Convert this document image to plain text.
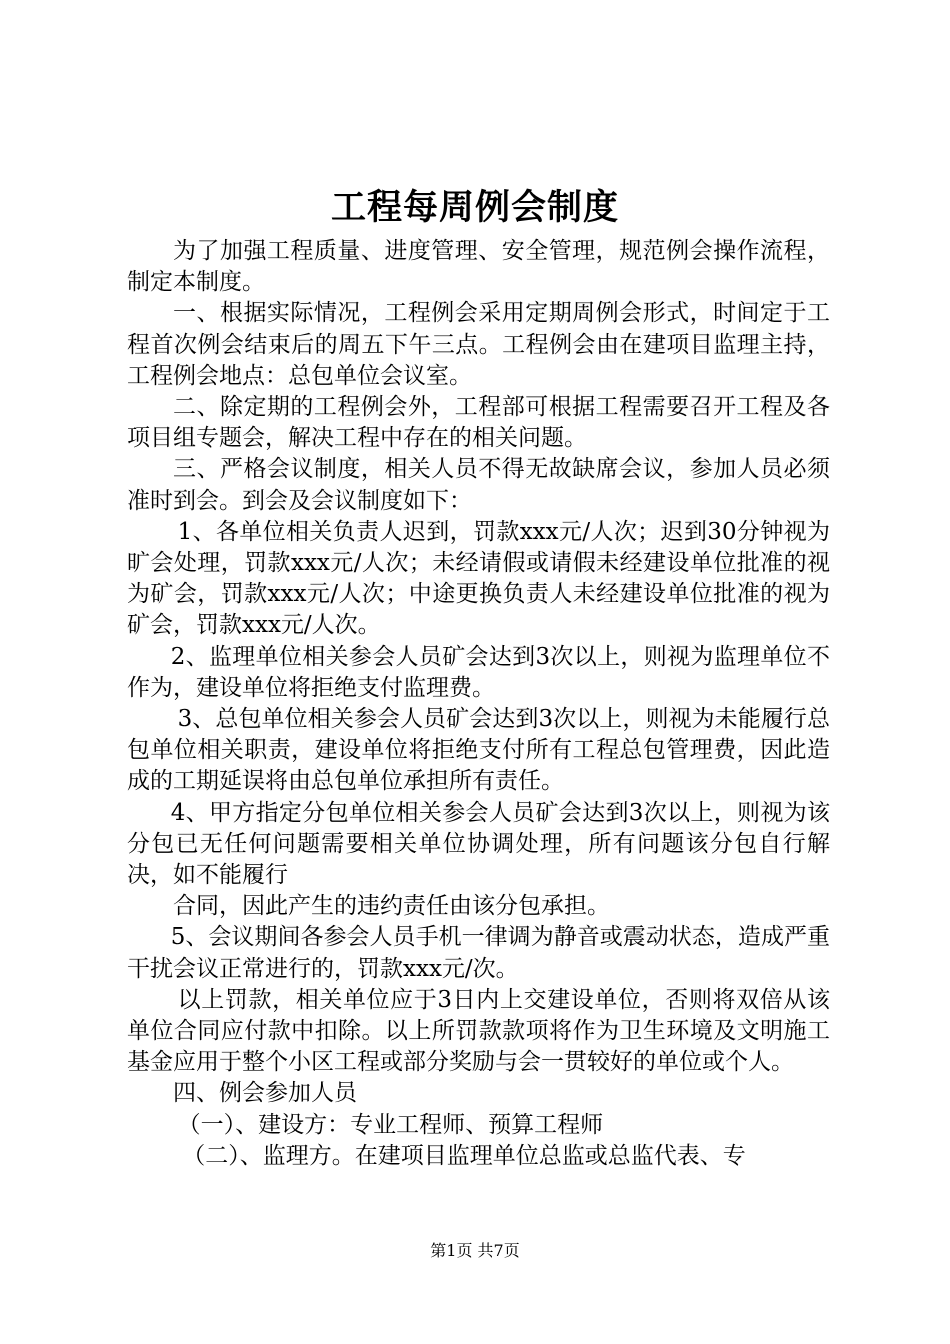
工程每周例会制度

为了加强工程质量、进度管理、安全管理，规范例会操作流程，制定本制度。

一、根据实际情况，工程例会采用定期周例会形式，时间定于工程首次例会结束后的周五下午三点。工程例会由在建项目监理主持，工程例会地点：总包单位会议室。

二、除定期的工程例会外，工程部可根据工程需要召开工程及各项目组专题会，解决工程中存在的相关问题。

三、严格会议制度，相关人员不得无故缺席会议，参加人员必须准时到会。到会及会议制度如下：

1、各单位相关负责人迟到，罚款xxx元/人次；迟到30分钟视为旷会处理，罚款xxx元/人次；未经请假或请假未经建设单位批准的视为矿会，罚款xxx元/人次；中途更换负责人未经建设单位批准的视为矿会，罚款xxx元/人次。

2、监理单位相关参会人员矿会达到3次以上，则视为监理单位不作为，建设单位将拒绝支付监理费。

3、总包单位相关参会人员矿会达到3次以上，则视为未能履行总包单位相关职责，建设单位将拒绝支付所有工程总包管理费，因此造成的工期延误将由总包单位承担所有责任。

4、甲方指定分包单位相关参会人员矿会达到3次以上，则视为该分包已无任何问题需要相关单位协调处理，所有问题该分包自行解决，如不能履行

合同，因此产生的违约责任由该分包承担。

5、会议期间各参会人员手机一律调为静音或震动状态，造成严重干扰会议正常进行的，罚款xxx元/次。

以上罚款，相关单位应于3日内上交建设单位，否则将双倍从该单位合同应付款中扣除。以上所罚款款项将作为卫生环境及文明施工基金应用于整个小区工程或部分奖励与会一贯较好的单位或个人。

四、例会参加人员

（一）、建设方：专业工程师、预算工程师

（二）、监理方。在建项目监理单位总监或总监代表、专

第1页 共7页
